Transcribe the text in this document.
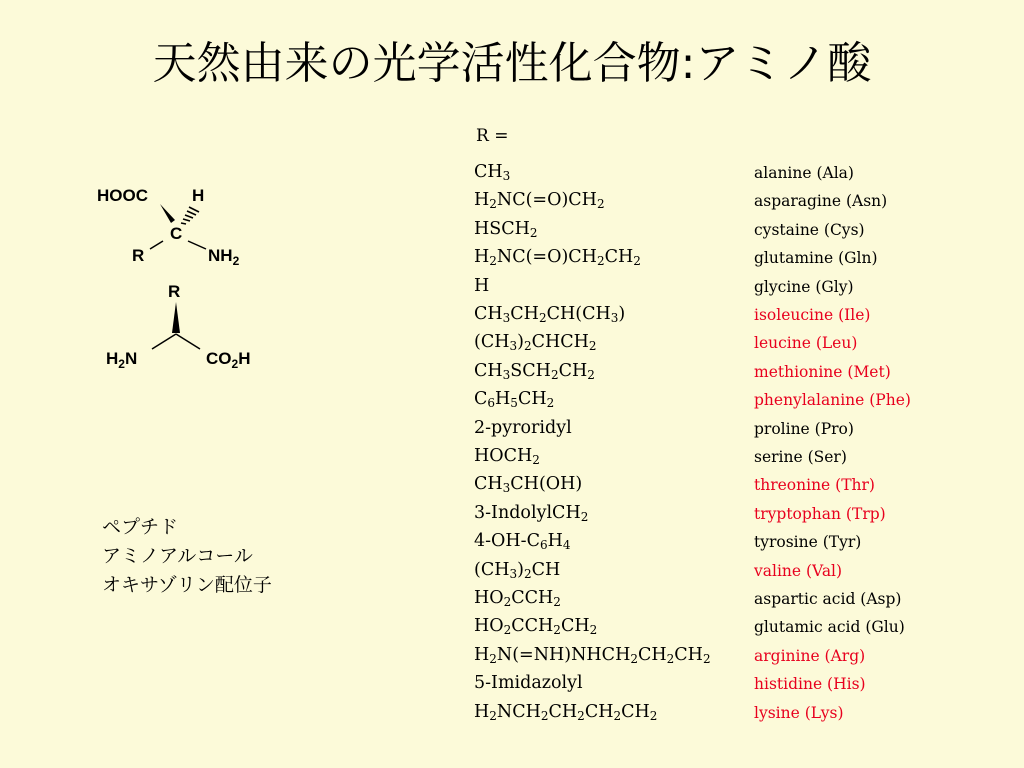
天然由来の光学活性化合物:アミノ酸
HOOC	H
C
R	$NH_2$
R
$H_2N$	$CO_2H$
ペプチド
アミノアルコール
オキサゾリン配位子
R =
$CH_3$	alanine (Ala)
$H_2NC(=O)CH_2$	asparagine (Asn)
$HSCH_2$	cystaine (Cys)
$H_2NC(=O)CH_2CH_2$	glutamine (Gln)
H	glycine (Gly)
$CH_3CH_2CH(CH_3)$	isoleucine (Ile)
$(CH_3)_2CHCH_2$	leucine (Leu)
$CH_3SCH_2CH_2$	methionine (Met)
$C_6H_5CH_2$	phenylalanine (Phe)
2-pyroridyl	proline (Pro)
$HOCH_2$	serine (Ser)
$CH_3CH(OH)$	threonine (Thr)
3-IndolylCH$_2$	tryptophan (Trp)
$4-OH-C_6H_4$	tyrosine (Tyr)
$(CH_3)_2CH$	valine (Val)
$HO_2CCH_2$	aspartic acid (Asp)
$HO_2CCH_2CH_2$	glutamic acid (Glu)
$H_2N(=NH)NHCH_2CH_2CH_2$	arginine (Arg)
5-Imidazolyl	histidine (His)
$H_2NCH_2CH_2CH_2CH_2$	lysine (Lys)
